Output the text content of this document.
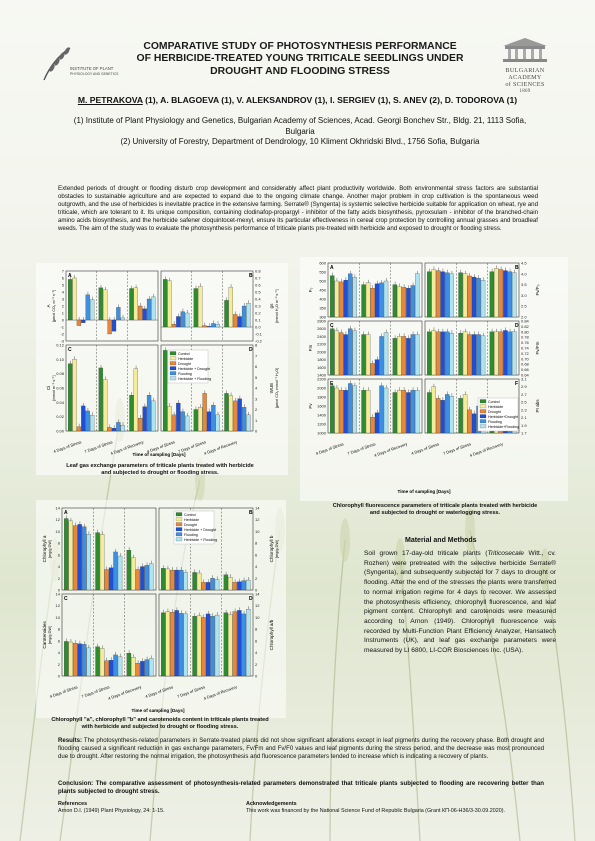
INSTITUTE OF PLANT
PHYSIOLOGY AND GENETICS	BULGARIAN
ACADEMY
of SCIENCES
1869
COMPARATIVE STUDY OF PHOTOSYNTHESIS PERFORMANCE
OF HERBICIDE-TREATED YOUNG TRITICALE SEEDLINGS UNDER
DROUGHT AND FLOODING STRESS
M. PETRAKOVA (1), A. BLAGOEVA (1), V. ALEKSANDROV (1), I. SERGIEV (1), S. ANEV (2), D. TODOROVA (1)
(1) Institute of Plant Physiology and Genetics, Bulgarian Academy of Sciences, Acad. Georgi Bonchev Str., Bldg. 21, 1113 Sofia, Bulgaria
(2) University of Forestry, Department of Dendrology, 10 Kliment Okhridski Blvd., 1756 Sofia, Bulgaria
Extended periods of drought or flooding disturb crop development and considerably affect plant productivity worldwide. Both environmental stress factors are substantial obstacles to sustainable agriculture and are expected to expand due to the ongoing climate change. Another major problem in crop cultivation is the spontaneous weed outgrowth, and the use of herbicides is inevitable practice in the extensive farming. Serrate® (Syngenta) is systemic selective herbicide suitable for application on wheat, rye and triticale, which are tolerant to it. Its unique composition, containing clodinafop-propargyl - inhibitor of the fatty acids biosynthesis, pyroxsulam - inhibitor of the branched-chain amino acids biosynthesis, and the herbicide safener cloquintocet-mexyl, ensure its particular effectiveness in cereal crop protection by controlling annual grasses and broadleaf weeds. The aim of the study was to evaluate the photosynthesis performance of triticale plants pre-treated with herbicide and exposed to drought or flooding stress.
7
6
5
4
3
2
1
0
-1
-2
-3
A
A [μmol CO₂ m⁻² s⁻¹]
0.8
0.7
0.6
0.5
0.4
0.3
0.2
0.1
0.0
-0.1
-0.2
B
gs [mmol H₂O m⁻² s⁻¹]
0.12
0.10
0.08
0.06
0.04
0.02
0.00
C
Ci [mmol m⁻² s⁻¹]
8
7
6
5
4
3
2
1
0
D
WUE [μmol CO₂ mmol⁻¹ H₂O]
Control
Herbicide
Drought
Herbicide + Drought
Flooding
Herbicide + Flooding
4 Days of Stress 7 Days of Stress
4 Days of Recovery 4 Days of Stress 7 Days of Stress
4 Days of Recovery
Time of sampling [Days]
Leaf gas exchange parameters of triticale plants treated with herbicide
and subjected to drought or flooding stress.
600
550
500
450
400
350
300
A
F₀
4.5
4.0
3.5
3.0
2.5
2.0
B
Fv/F₀
2800
2600
2400
2200
2000
1800
1600
1400
C
Fm
0.84
0.82
0.80
0.78
0.76
0.74
0.72
0.70
0.68
0.66
0.64
D
Fv/Fm
2200
2000
1800
1600
1400
1200
1000
E
Fv
3.1
2.9
2.7
2.5
2.3
2.1
1.9
1.7
F
PI abs
Control
Herbicide
Drought
Herbicide+Drought
Flooding
Herbicide+Flooding
4 Days of Stress 7 Days of Stress
4 Days of Recovery 4 Days of Stress 7 Days of Stress
4 Days of Recovery
Time of sampling [Days]
Chlorophyll fluorescence parameters of triticale plants treated with herbicide
and subjected to drought or waterlogging stress.
14
12
10
8
6
4
2
0
A
Chlorophyll a [mg/g DW]
14
12
10
8
6
4
2
0
B
Chlorophyll b [mg/g DW]
14
12
10
8
6
4
2
0
C
Carotenoides [mg/g DW]
14
12
10
8
6
4
2
0
D
Chlorophyll a/b
Control
Herbicide
Drought
Herbicide + Drought
Flooding
Herbicide + Flooding
4 Days of Stress 7 Days of Stress
4 Days of Recovery 4 Days of Stress 7 Days of Stress
4 Days of Recovery
Time of sampling [Days]
Chlorophyll "a", chlorophyll "b" and carotenoids content in triticale plants treated
with herbicide and subjected to drought or flooding stress.
Material and Methods
Soil grown 17-day-old triticale plants (Triticosecale Witt., cv. Rozhen) were pretreated with the selective herbicide Serrate® (Syngenta), and subsequently subjected for 7 days to drought or flooding. After the end of the stresses the plants were transferred to normal irrigation regime for 4 days to recover. We assessed the photosynthesis efficiency, chlorophyll fluorescence, and leaf pigment content. Chlorophyll and carotenoids were measured according to Arnon (1949). Chlorophyll fluorescence was recorded by Multi-Function Plant Efficiency Analyzer, Hansatech Instruments (UK), and leaf gas exchange parameters were measured by LI 6800, LI-COR Biosciences Inc. (USA).
Results: The photosynthesis-related parameters in Serrate-treated plants did not show significant alterations except in leaf pigments during the recovery phase. Both drought and flooding caused a significant reduction in gas exchange parameters, Fv/Fm and Fv/F0 values and leaf pigments during the stress period, and the decrease was most pronounced due to drought. After restoring the normal irrigation, the photosynthesis and fluorescence parameters tended to increase which is indicating a recovery of plants.
Conclusion: The comparative assessment of photosynthesis-related parameters demonstrated that triticale plants subjected to flooding are recovering better than plants subjected to drought stress.
References
Arnon D.I. (1949) Plant Physiology, 24: 1-15.
Acknowledgements
This work was financed by the National Science Fund of Republic Bulgaria (Grant КП-06-Н36/3-30.09.2020).
